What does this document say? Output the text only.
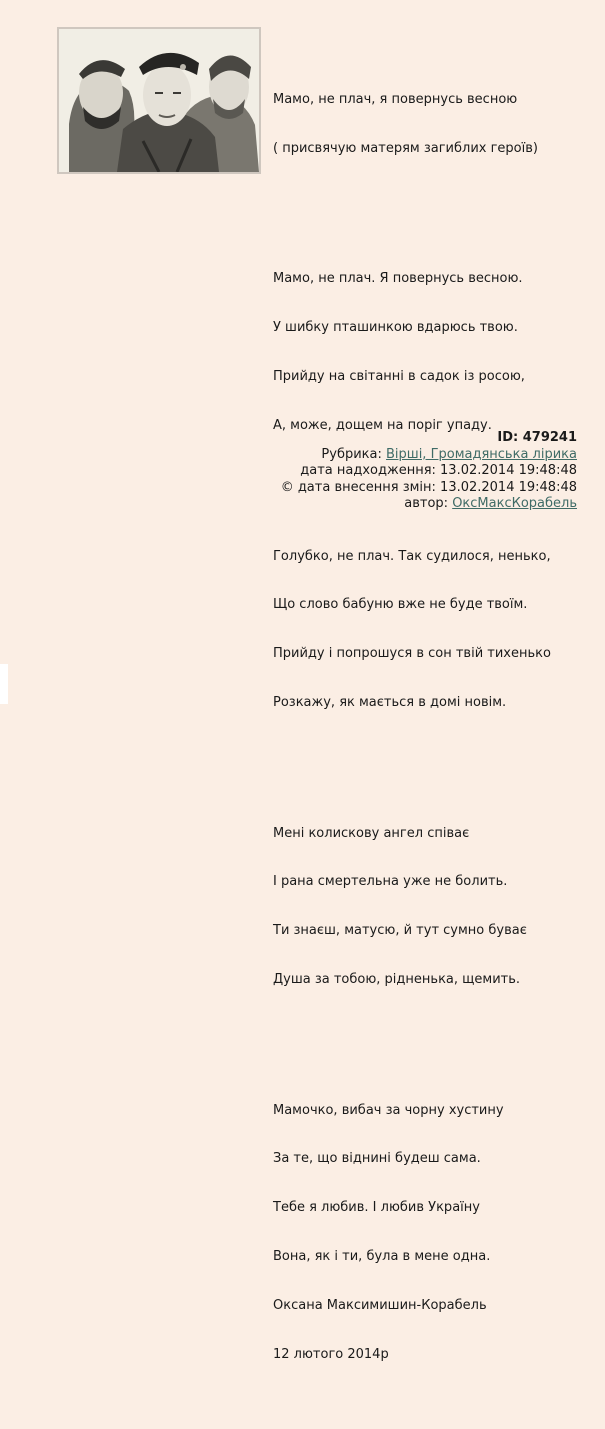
Мамо, не плач, я повернусь весною

( присвячую матерям загиблих героїв)

Мамо, не плач. Я повернусь весною.

У шибку пташинкою вдарюсь твою.

Прийду на світанні в садок із росою,

А, може, дощем на поріг упаду.

Голубко, не плач. Так судилося, ненько,

Що слово бабуню вже не буде твоїм.

Прийду і попрошуся в сон твій тихенько

Розкажу, як мається в домі новім.

Мені колискову ангел співає

І рана смертельна уже не болить.

Ти знаєш, матусю, й тут сумно буває

Душа за тобою, рідненька, щемить.

Мамочко, вибач за чорну хустину

За те, що віднині будеш сама.

Тебе я любив. І любив Україну

Вона, як і ти, була в мене одна.

Оксана Максимишин-Корабель

12 лютого 2014р

ID: 479241
Рубрика: Вірші, Громадянська лірика
дата надходження: 13.02.2014 19:48:48
© дата внесення змін: 13.02.2014 19:48:48
автор: ОксМаксКорабель
